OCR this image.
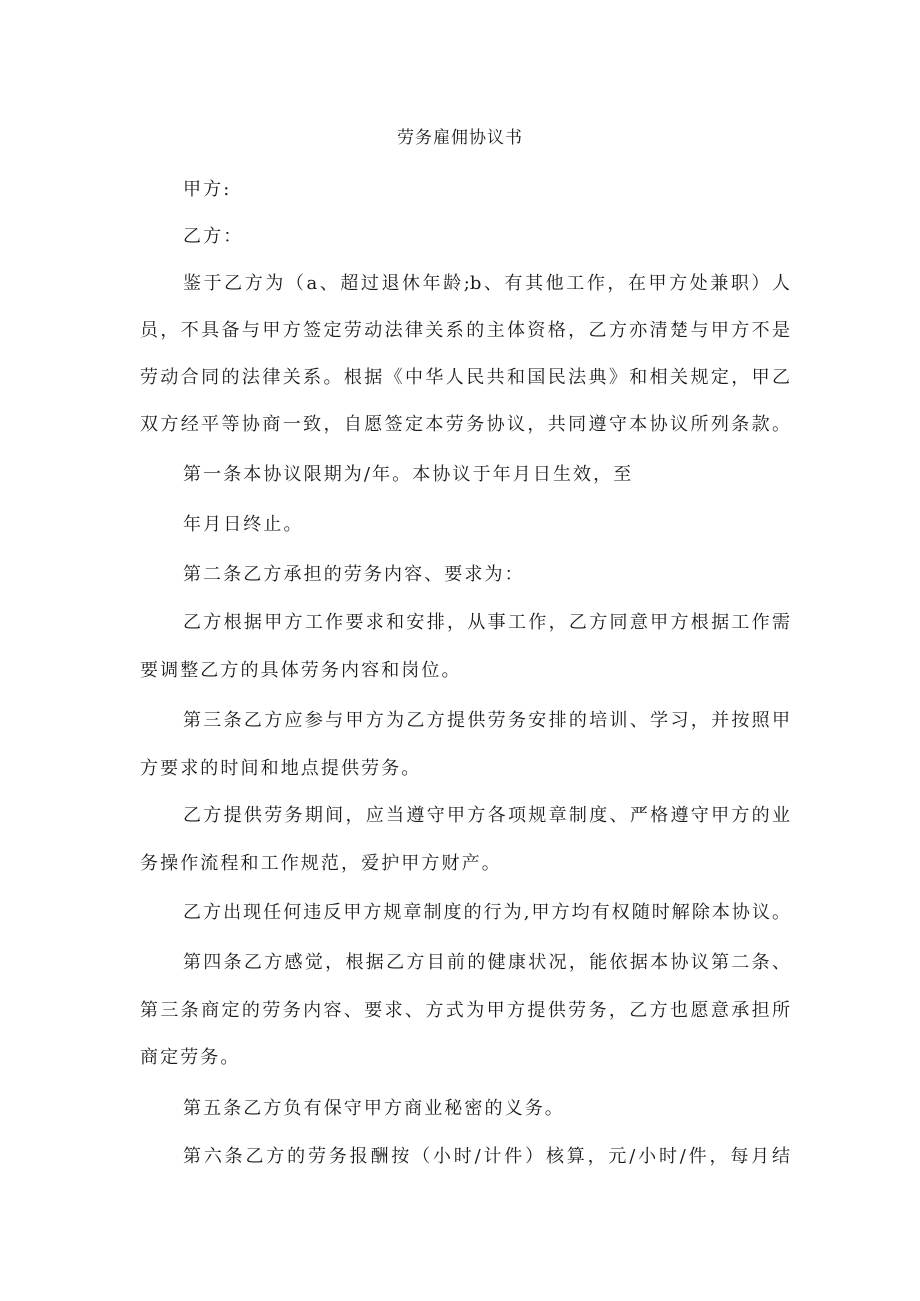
劳务雇佣协议书
甲方:
乙方：
鉴于乙方为（a、超过退休年龄;b、有其他工作，在甲方处兼职）人
员，不具备与甲方签定劳动法律关系的主体资格，乙方亦清楚与甲方不是
劳动合同的法律关系。根据《中华人民共和国民法典》和相关规定，甲乙
双方经平等协商一致，自愿签定本劳务协议，共同遵守本协议所列条款。
第一条本协议限期为/年。本协议于年月日生效，至
年月日终止。
第二条乙方承担的劳务内容、要求为：
乙方根据甲方工作要求和安排，从事工作，乙方同意甲方根据工作需
要调整乙方的具体劳务内容和岗位。
第三条乙方应参与甲方为乙方提供劳务安排的培训、学习，并按照甲
方要求的时间和地点提供劳务。
乙方提供劳务期间，应当遵守甲方各项规章制度、严格遵守甲方的业
务操作流程和工作规范，爱护甲方财产。
乙方出现任何违反甲方规章制度的行为,甲方均有权随时解除本协议。
第四条乙方感觉，根据乙方目前的健康状况，能依据本协议第二条、
第三条商定的劳务内容、要求、方式为甲方提供劳务，乙方也愿意承担所
商定劳务。
第五条乙方负有保守甲方商业秘密的义务。
第六条乙方的劳务报酬按（小时/计件）核算，元/小时/件，每月结
